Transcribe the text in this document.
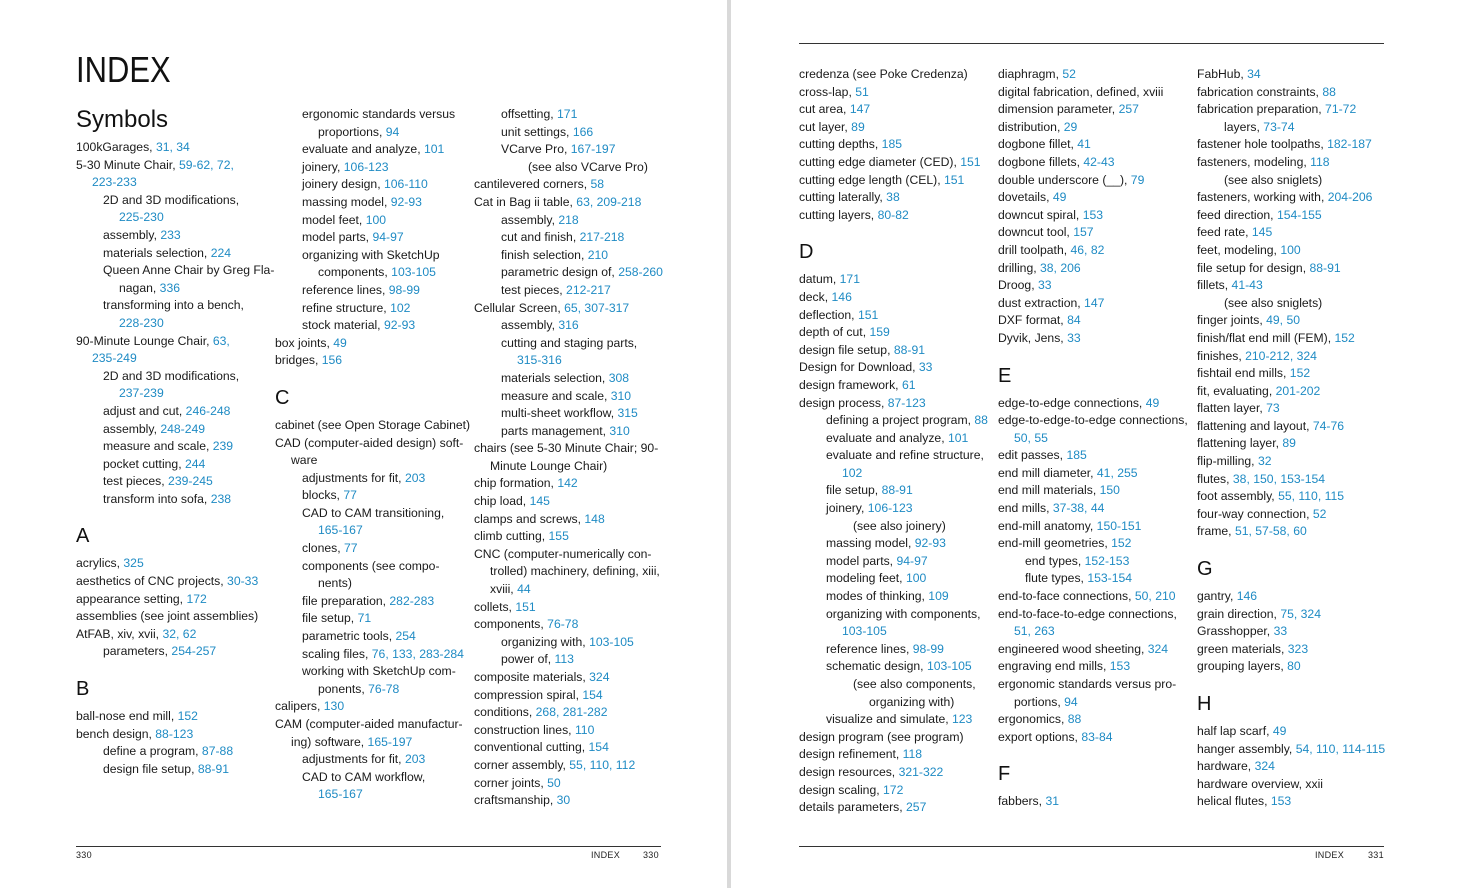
INDEX
Symbols
100kGarages, 31, 34
5-30 Minute Chair, 59-62, 72,
223-233
2D and 3D modifications,
225-230
assembly, 233
materials selection, 224
Queen Anne Chair by Greg Fla-
nagan, 336
transforming into a bench,
228-230
90-Minute Lounge Chair, 63,
235-249
2D and 3D modifications,
237-239
adjust and cut, 246-248
assembly, 248-249
measure and scale, 239
pocket cutting, 244
test pieces, 239-245
transform into sofa, 238
A
acrylics, 325
aesthetics of CNC projects, 30-33
appearance setting, 172
assemblies (see joint assemblies)
AtFAB, xiv, xvii, 32, 62
parameters, 254-257
B
ball-nose end mill, 152
bench design, 88-123
define a program, 87-88
design file setup, 88-91
ergonomic standards versus
proportions, 94
evaluate and analyze, 101
joinery, 106-123
joinery design, 106-110
massing model, 92-93
model feet, 100
model parts, 94-97
organizing with SketchUp
components, 103-105
reference lines, 98-99
refine structure, 102
stock material, 92-93
box joints, 49
bridges, 156
C
cabinet (see Open Storage Cabinet)
CAD (computer-aided design) soft-
ware
adjustments for fit, 203
blocks, 77
CAD to CAM transitioning,
165-167
clones, 77
components (see compo-
nents)
file preparation, 282-283
file setup, 71
parametric tools, 254
scaling files, 76, 133, 283-284
working with SketchUp com-
ponents, 76-78
calipers, 130
CAM (computer-aided manufactur-
ing) software, 165-197
adjustments for fit, 203
CAD to CAM workflow,
165-167
offsetting, 171
unit settings, 166
VCarve Pro, 167-197
(see also VCarve Pro)
cantilevered corners, 58
Cat in Bag ii table, 63, 209-218
assembly, 218
cut and finish, 217-218
finish selection, 210
parametric design of, 258-260
test pieces, 212-217
Cellular Screen, 65, 307-317
assembly, 316
cutting and staging parts,
315-316
materials selection, 308
measure and scale, 310
multi-sheet workflow, 315
parts management, 310
chairs (see 5-30 Minute Chair; 90-
Minute Lounge Chair)
chip formation, 142
chip load, 145
clamps and screws, 148
climb cutting, 155
CNC (computer-numerically con-
trolled) machinery, defining, xiii,
xviii, 44
collets, 151
components, 76-78
organizing with, 103-105
power of, 113
composite materials, 324
compression spiral, 154
conditions, 268, 281-282
construction lines, 110
conventional cutting, 154
corner assembly, 55, 110, 112
corner joints, 50
craftsmanship, 30
330	INDEX	330
credenza (see Poke Credenza)
cross-lap, 51
cut area, 147
cut layer, 89
cutting depths, 185
cutting edge diameter (CED), 151
cutting edge length (CEL), 151
cutting laterally, 38
cutting layers, 80-82
D
datum, 171
deck, 146
deflection, 151
depth of cut, 159
design file setup, 88-91
Design for Download, 33
design framework, 61
design process, 87-123
defining a project program, 88
evaluate and analyze, 101
evaluate and refine structure,
102
file setup, 88-91
joinery, 106-123
(see also joinery)
massing model, 92-93
model parts, 94-97
modeling feet, 100
modes of thinking, 109
organizing with components,
103-105
reference lines, 98-99
schematic design, 103-105
(see also components,
organizing with)
visualize and simulate, 123
design program (see program)
design refinement, 118
design resources, 321-322
design scaling, 172
details parameters, 257
diaphragm, 52
digital fabrication, defined, xviii
dimension parameter, 257
distribution, 29
dogbone fillet, 41
dogbone fillets, 42-43
double underscore (__), 79
dovetails, 49
downcut spiral, 153
downcut tool, 157
drill toolpath, 46, 82
drilling, 38, 206
Droog, 33
dust extraction, 147
DXF format, 84
Dyvik, Jens, 33
E
edge-to-edge connections, 49
edge-to-edge-to-edge connections,
50, 55
edit passes, 185
end mill diameter, 41, 255
end mill materials, 150
end mills, 37-38, 44
end-mill anatomy, 150-151
end-mill geometries, 152
end types, 152-153
flute types, 153-154
end-to-face connections, 50, 210
end-to-face-to-edge connections,
51, 263
engineered wood sheeting, 324
engraving end mills, 153
ergonomic standards versus pro-
portions, 94
ergonomics, 88
export options, 83-84
F
fabbers, 31
FabHub, 34
fabrication constraints, 88
fabrication preparation, 71-72
layers, 73-74
fastener hole toolpaths, 182-187
fasteners, modeling, 118
(see also sniglets)
fasteners, working with, 204-206
feed direction, 154-155
feed rate, 145
feet, modeling, 100
file setup for design, 88-91
fillets, 41-43
(see also sniglets)
finger joints, 49, 50
finish/flat end mill (FEM), 152
finishes, 210-212, 324
fishtail end mills, 152
fit, evaluating, 201-202
flatten layer, 73
flattening and layout, 74-76
flattening layer, 89
flip-milling, 32
flutes, 38, 150, 153-154
foot assembly, 55, 110, 115
four-way connection, 52
frame, 51, 57-58, 60
G
gantry, 146
grain direction, 75, 324
Grasshopper, 33
green materials, 323
grouping layers, 80
H
half lap scarf, 49
hanger assembly, 54, 110, 114-115
hardware, 324
hardware overview, xxii
helical flutes, 153
INDEX	331
